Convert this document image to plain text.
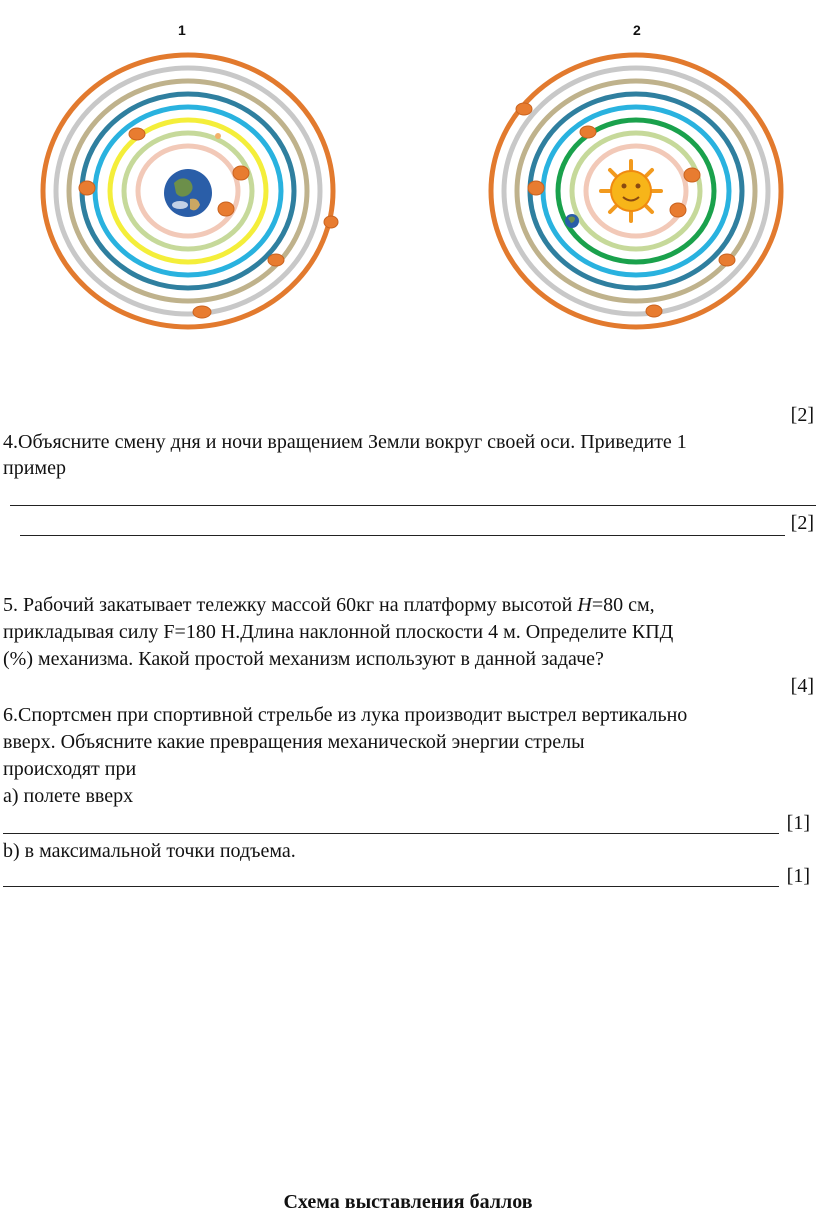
1	2
[2]
4.Объясните смену дня и ночи вращением Земли вокруг своей оси. Приведите 1
пример
[2]
5. Рабочий закатывает тележку массой 60кг на платформу высотой H=80 см,
прикладывая силу F=180 Н.Длина наклонной плоскости 4 м. Определите КПД
(%) механизма. Какой простой механизм используют в данной задаче?
[4]
6.Спортсмен при спортивной стрельбе из лука производит выстрел вертикально
вверх. Объясните какие превращения механической энергии стрелы
происходят при
а) полете вверх
[1]
b) в максимальной точки подъема.
[1]
Схема выставления баллов
